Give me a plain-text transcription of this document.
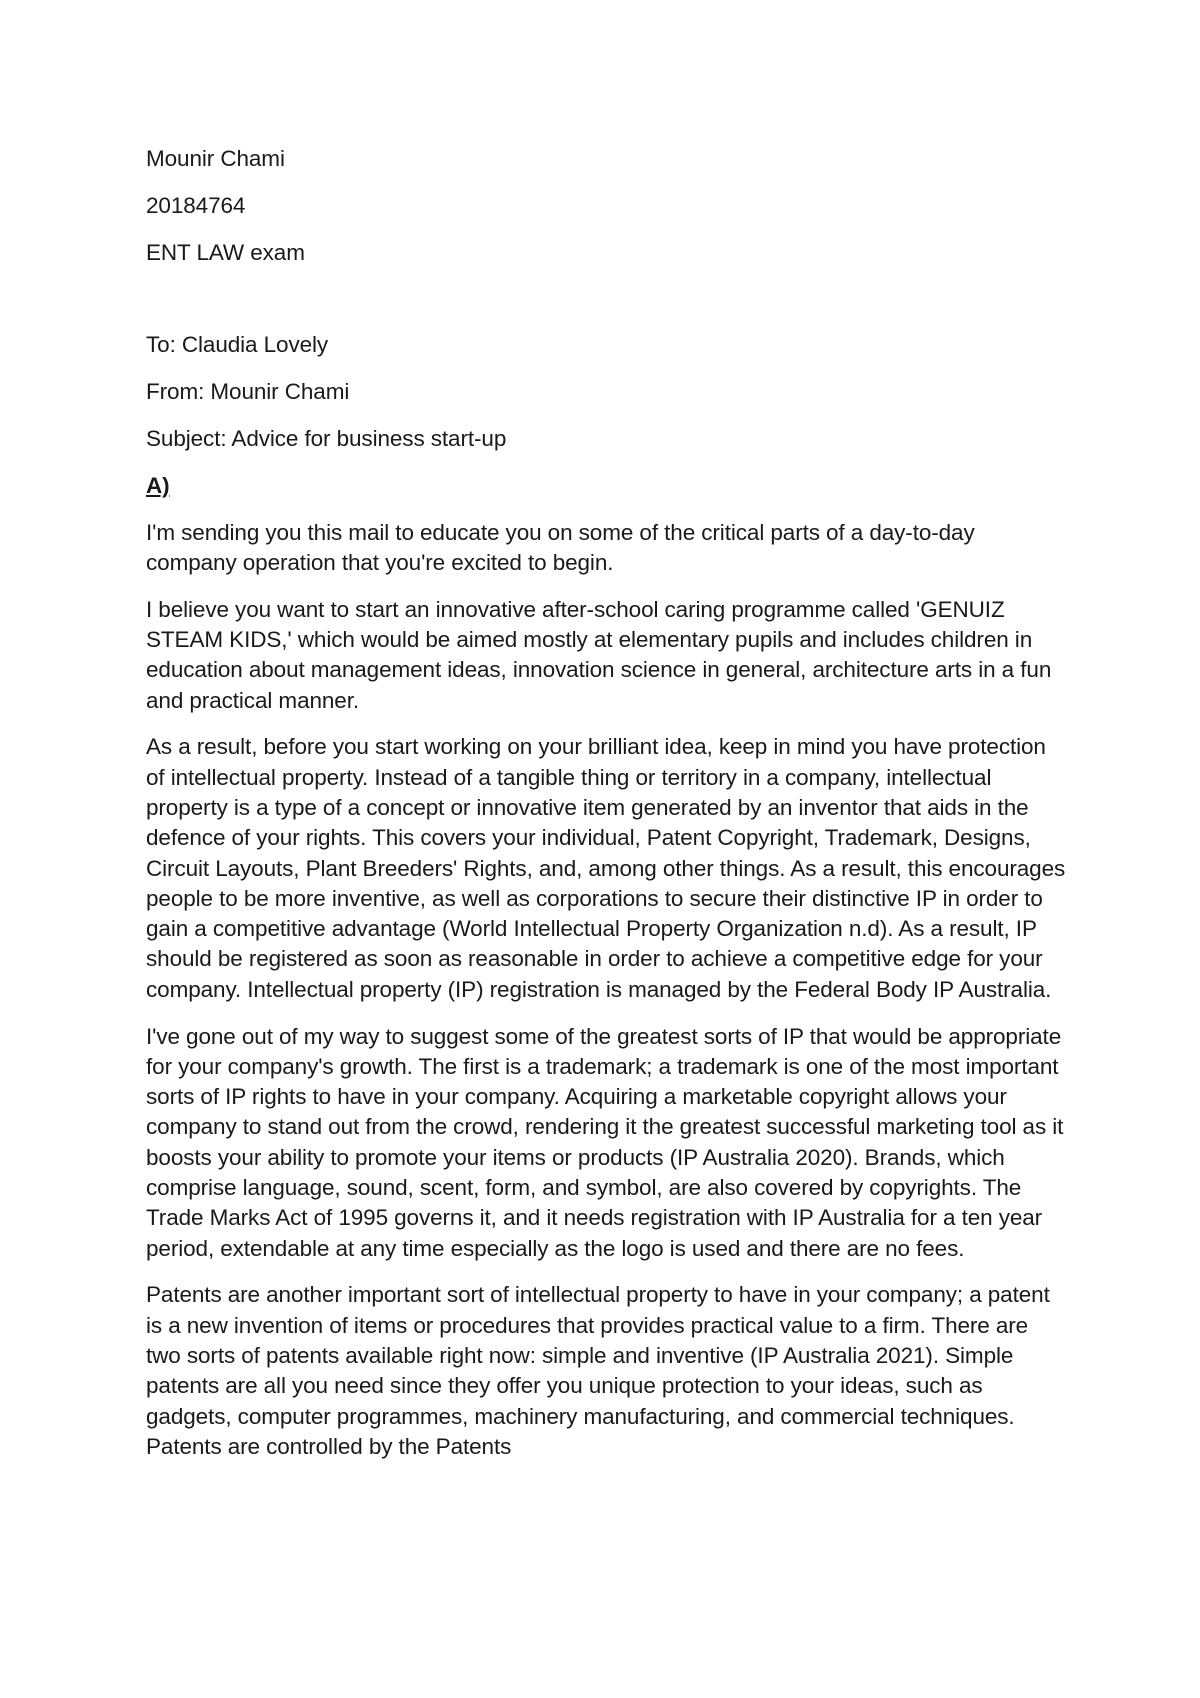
Mounir Chami
20184764
ENT LAW exam
To: Claudia Lovely
From: Mounir Chami
Subject: Advice for business start-up
A)

I'm sending you this mail to educate you on some of the critical parts of a day-to-day company operation that you're excited to begin.

I believe you want to start an innovative after-school caring programme called 'GENUIZ STEAM KIDS,' which would be aimed mostly at elementary pupils and includes children in education about management ideas, innovation science in general, architecture arts in a fun and practical manner.

As a result, before you start working on your brilliant idea, keep in mind you have protection of intellectual property. Instead of a tangible thing or territory in a company, intellectual property is a type of a concept or innovative item generated by an inventor that aids in the defence of your rights. This covers your individual, Patent Copyright, Trademark, Designs, Circuit Layouts, Plant Breeders' Rights, and, among other things. As a result, this encourages people to be more inventive, as well as corporations to secure their distinctive IP in order to gain a competitive advantage (World Intellectual Property Organization n.d). As a result, IP should be registered as soon as reasonable in order to achieve a competitive edge for your company. Intellectual property (IP) registration is managed by the Federal Body IP Australia.

I've gone out of my way to suggest some of the greatest sorts of IP that would be appropriate for your company's growth. The first is a trademark; a trademark is one of the most important sorts of IP rights to have in your company. Acquiring a marketable copyright allows your company to stand out from the crowd, rendering it the greatest successful marketing tool as it boosts your ability to promote your items or products (IP Australia 2020). Brands, which comprise language, sound, scent, form, and symbol, are also covered by copyrights. The Trade Marks Act of 1995 governs it, and it needs registration with IP Australia for a ten year period, extendable at any time especially as the logo is used and there are no fees.

Patents are another important sort of intellectual property to have in your company; a patent is a new invention of items or procedures that provides practical value to a firm. There are two sorts of patents available right now: simple and inventive (IP Australia 2021). Simple patents are all you need since they offer you unique protection to your ideas, such as gadgets, computer programmes, machinery manufacturing, and commercial techniques. Patents are controlled by the Patents
